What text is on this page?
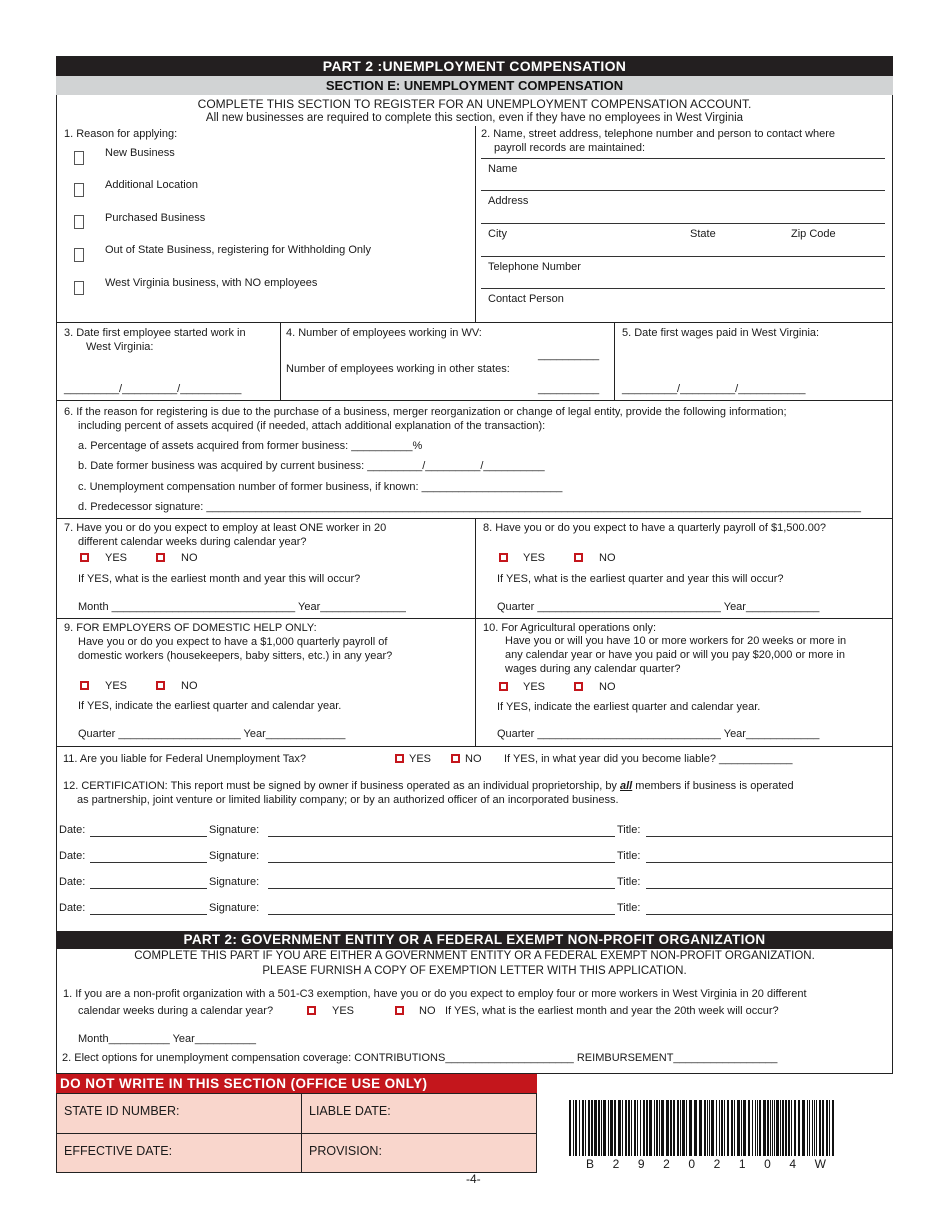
PART 2 :UNEMPLOYMENT COMPENSATION
SECTION E: UNEMPLOYMENT COMPENSATION
COMPLETE THIS SECTION TO REGISTER FOR AN UNEMPLOYMENT COMPENSATION ACCOUNT.
All new businesses are required to complete this section, even if they have no employees in West Virginia
1. Reason for applying:
New Business
Additional Location
Purchased Business
Out of State Business, registering for Withholding Only
West Virginia business, with NO employees
2. Name, street address, telephone number and person to contact where
payroll records are maintained:
Name
Address
City	State	Zip Code
Telephone Number
Contact Person
3. Date first employee started work in
West Virginia:
_________/_________/__________
4. Number of employees working in WV:
__________
Number of employees working in other states:
__________
5. Date first wages paid in West Virginia:
_________/_________/___________
6. If the reason for registering is due to the purchase of a business, merger reorganization or change of legal entity, provide the following information;
including percent of assets acquired (if needed, attach additional explanation of the transaction):
a. Percentage of assets acquired from former business: __________%
b. Date former business was acquired by current business: _________/_________/__________
c. Unemployment compensation number of former business, if known: _______________________
d. Predecessor signature: ___________________________________________________________________________________________________________
7. Have you or do you expect to employ at least ONE worker in 20
different calendar weeks during calendar year?
YES	NO
If YES, what is the earliest month and year this will occur?
Month ______________________________ Year______________
8. Have you or do you expect to have a quarterly payroll of $1,500.00?
YES	NO
If YES, what is the earliest quarter and year this will occur?
Quarter ______________________________ Year____________
9. FOR EMPLOYERS OF DOMESTIC HELP ONLY:
Have you or do you expect to have a $1,000 quarterly payroll of
domestic workers (housekeepers, baby sitters, etc.) in any year?
YES	NO
If YES, indicate the earliest quarter and calendar year.
Quarter ____________________ Year_____________
10. For Agricultural operations only:
Have you or will you have 10 or more workers for 20 weeks or more in
any calendar year or have you paid or will you pay $20,000 or more in
wages during any calendar quarter?
YES	NO
If YES, indicate the earliest quarter and calendar year.
Quarter ______________________________ Year____________
11. Are you liable for Federal Unemployment Tax?	YES	NO If YES, in what year did you become liable? ____________
12. CERTIFICATION: This report must be signed by owner if business operated as an individual proprietorship, by all members if business is operated
as partnership, joint venture or limited liability company; or by an authorized officer of an incorporated business.
Date:	Signature:	Title:
Date:	Signature:	Title:
Date:	Signature:	Title:
Date:	Signature:	Title:
PART 2: GOVERNMENT ENTITY OR A FEDERAL EXEMPT NON-PROFIT ORGANIZATION
COMPLETE THIS PART IF YOU ARE EITHER A GOVERNMENT ENTITY OR A FEDERAL EXEMPT NON-PROFIT ORGANIZATION.
PLEASE FURNISH A COPY OF EXEMPTION LETTER WITH THIS APPLICATION.
1. If you are a non-profit organization with a 501-C3 exemption, have you or do you expect to employ four or more workers in West Virginia in 20 different
calendar weeks during a calendar year?	YES	NO If YES, what is the earliest month and year the 20th week will occur?
Month__________ Year__________
2. Elect options for unemployment compensation coverage: CONTRIBUTIONS_____________________ REIMBURSEMENT_________________
DO NOT WRITE IN THIS SECTION (OFFICE USE ONLY)
STATE ID NUMBER:	LIABLE DATE:
EFFECTIVE DATE:	PROVISION:
B 2 9 2 0 2 1 0 4 W
-4-
